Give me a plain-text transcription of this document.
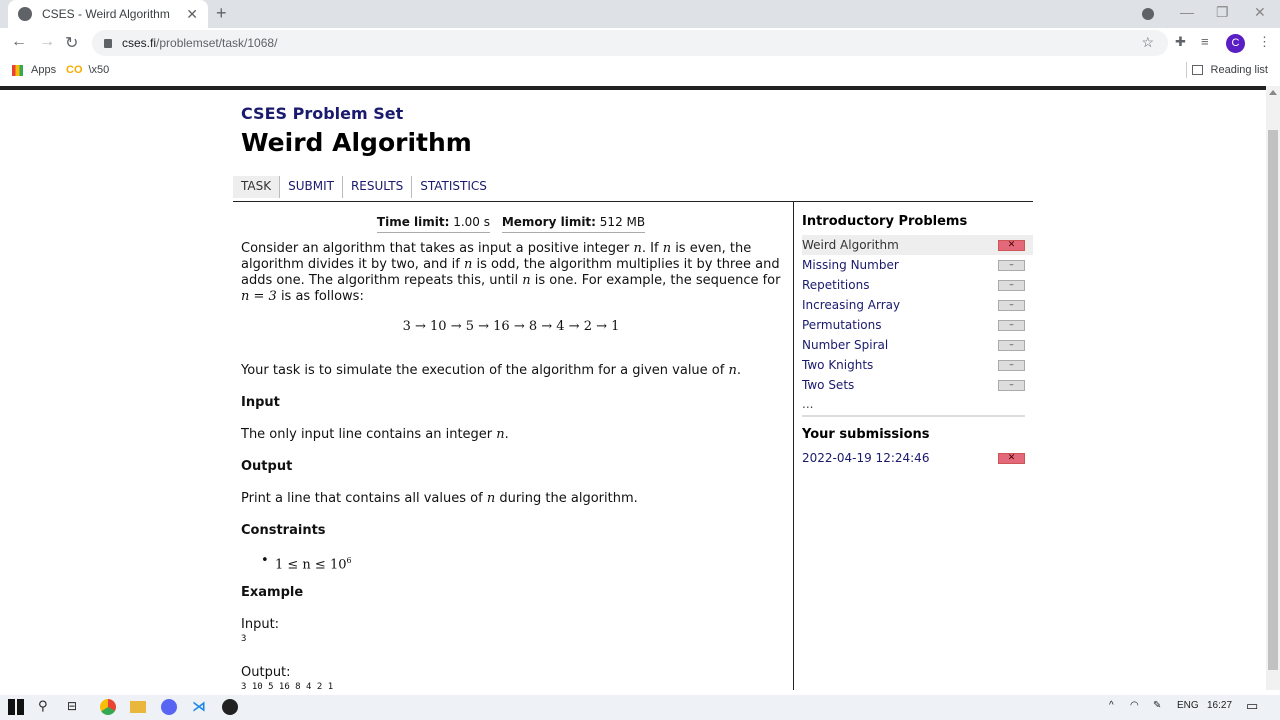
CSES - Weird Algorithm	✕ +	— ❐ ✕
← → ↻	cses.fi /problemset/task/1068/	☆ ✚ ≡	C	⋮
Apps CO \x50	Reading list
CSES Problem Set
Weird Algorithm
TASK	SUBMIT	RESULTS	STATISTICS
Time limit: 1.00 s Memory limit: 512 MB

Consider an algorithm that takes as input a positive integer n. If n is even, the algorithm divides it by two, and if n is odd, the algorithm multiplies it by three and adds one. The algorithm repeats this, until n is one. For example, the sequence for n = 3 is as follows:

3 → 10 → 5 → 16 → 8 → 4 → 2 → 1

Your task is to simulate the execution of the algorithm for a given value of n.

Input

The only input line contains an integer n.

Output

Print a line that contains all values of n during the algorithm.

Constraints
• $1 \le n \le 10^6$
Example

Input:

3

Output:

3 10 5 16 8 4 2 1
Introductory Problems
Weird Algorithm	✕
Missing Number	–
Repetitions	–
Increasing Array	–
Permutations	–
Number Spiral	–
Two Knights	–
Two Sets	–
...
Your submissions
2022-04-19 12:24:46	✕
⚲	⊟	⋊	^ ◠ ✎ ENG 16:27 ▭
